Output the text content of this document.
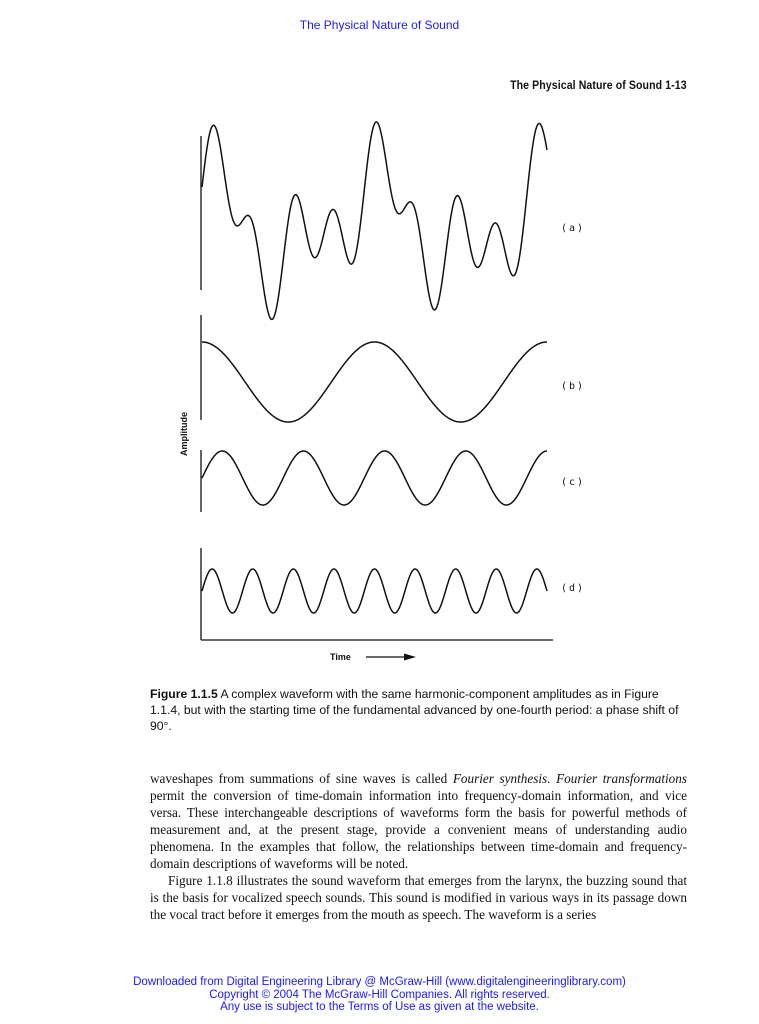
The Physical Nature of Sound
The Physical Nature of Sound 1-13
(a)
(b)
(c)
(d)
Amplitude
Time
Figure 1.1.5 A complex waveform with the same harmonic-component amplitudes as in Figure 1.1.4, but with the starting time of the fundamental advanced by one-fourth period: a phase shift of 90°.

waveshapes from summations of sine waves is called Fourier synthesis. Fourier transformations permit the conversion of time-domain information into frequency-domain information, and vice versa. These interchangeable descriptions of waveforms form the basis for powerful methods of measurement and, at the present stage, provide a convenient means of understanding audio phenomena. In the examples that follow, the relationships between time-domain and frequency-domain descriptions of waveforms will be noted.

Figure 1.1.8 illustrates the sound waveform that emerges from the larynx, the buzzing sound that is the basis for vocalized speech sounds. This sound is modified in various ways in its passage down the vocal tract before it emerges from the mouth as speech. The waveform is a series

Downloaded from Digital Engineering Library @ McGraw-Hill (www.digitalengineeringlibrary.com)
Copyright © 2004 The McGraw-Hill Companies. All rights reserved.
Any use is subject to the Terms of Use as given at the website.
